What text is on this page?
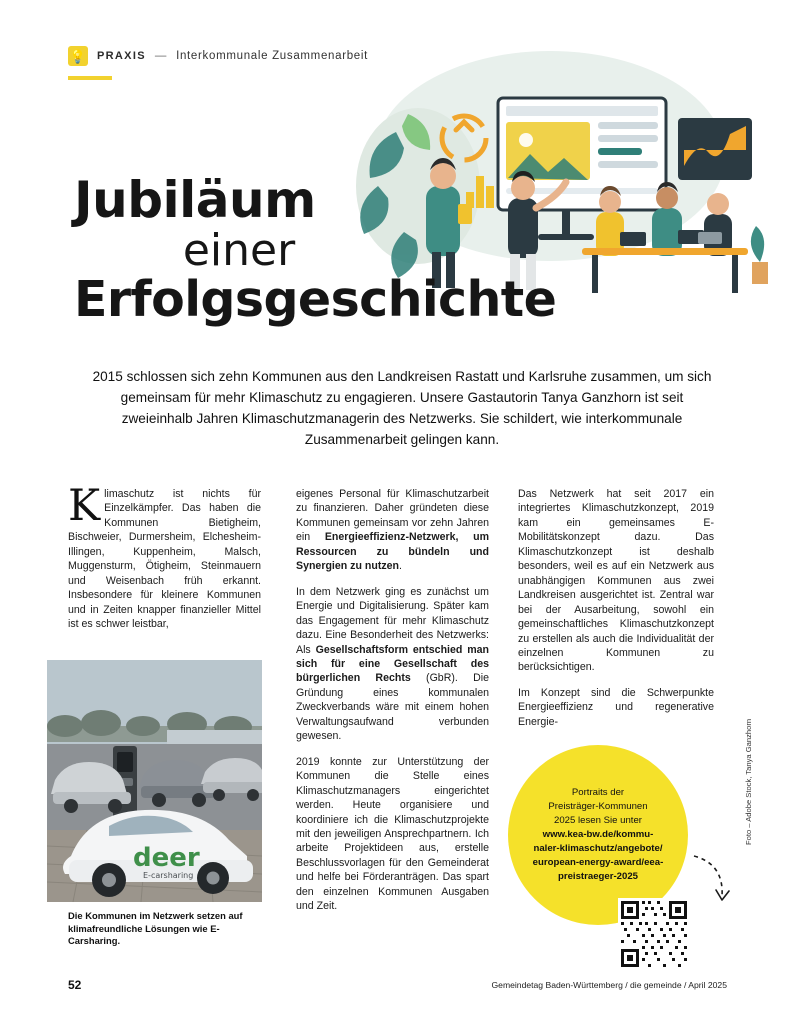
💡 PRAXIS — Interkommunale Zusammenarbeit
Jubiläum
einer
Erfolgsgeschichte
2015 schlossen sich zehn Kommunen aus den Landkreisen Rastatt und Karlsruhe zusammen, um sich gemeinsam für mehr Klimaschutz zu engagieren. Unsere Gastautorin Tanya Ganzhorn ist seit zweieinhalb Jahren Klimaschutzmanagerin des Netzwerks. Sie schildert, wie interkommunale Zusammenarbeit gelingen kann.

Klimaschutz ist nichts für Einzelkämpfer. Das haben die Kommunen Bietigheim, Bischweier, Durmersheim, Elchesheim-Illingen, Kuppenheim, Malsch, Muggensturm, Ötigheim, Steinmauern und Weisenbach früh erkannt. Insbesondere für kleinere Kommunen und in Zeiten knapper finanzieller Mittel ist es schwer leistbar,

eigenes Personal für Klimaschutzarbeit zu finanzieren. Daher gründeten diese Kommunen gemeinsam vor zehn Jahren ein Energieeffizienz-Netzwerk, um Ressourcen zu bündeln und Synergien zu nutzen.

In dem Netzwerk ging es zunächst um Energie und Digitalisierung. Später kam das Engagement für mehr Klimaschutz dazu. Eine Besonderheit des Netzwerks: Als Gesellschaftsform entschied man sich für eine Gesellschaft des bürgerlichen Rechts (GbR). Die Gründung eines kommunalen Zweckverbands wäre mit einem hohen Verwaltungsaufwand verbunden gewesen.

2019 konnte zur Unterstützung der Kommunen die Stelle eines Klimaschutzmanagers eingerichtet werden. Heute organisiere und koordiniere ich die Klimaschutzprojekte mit den jeweiligen Ansprechpartnern. Ich arbeite Projektideen aus, erstelle Beschlussvorlagen für den Gemeinderat und helfe bei Förderanträgen. Das spart den einzelnen Kommunen Ausgaben und Zeit.

Das Netzwerk hat seit 2017 ein integriertes Klimaschutzkonzept, 2019 kam ein gemeinsames E-Mobilitätskonzept dazu. Das Klimaschutzkonzept ist deshalb besonders, weil es auf ein Netzwerk aus unabhängigen Kommunen aus zwei Landkreisen ausgerichtet ist. Zentral war bei der Ausarbeitung, sowohl ein gemeinschaftliches Klimaschutzkonzept zu erstellen als auch die Individualität der einzelnen Kommunen zu berücksichtigen.

Im Konzept sind die Schwerpunkte Energieeffizienz und regenerative Energie-

deer
E-carsharing
Die Kommunen im Netzwerk setzen auf klimafreundliche Lösungen wie E-Carsharing.
Portraits der
Preisträger-Kommunen
2025 lesen Sie unter
www.kea-bw.de/kommu-
naler-klimaschutz/angebote/
european-energy-award/eea-
preistraeger-2025
Foto – Adobe Stock, Tanya Ganzhorn
52	Gemeindetag Baden-Württemberg / die gemeinde / April 2025
